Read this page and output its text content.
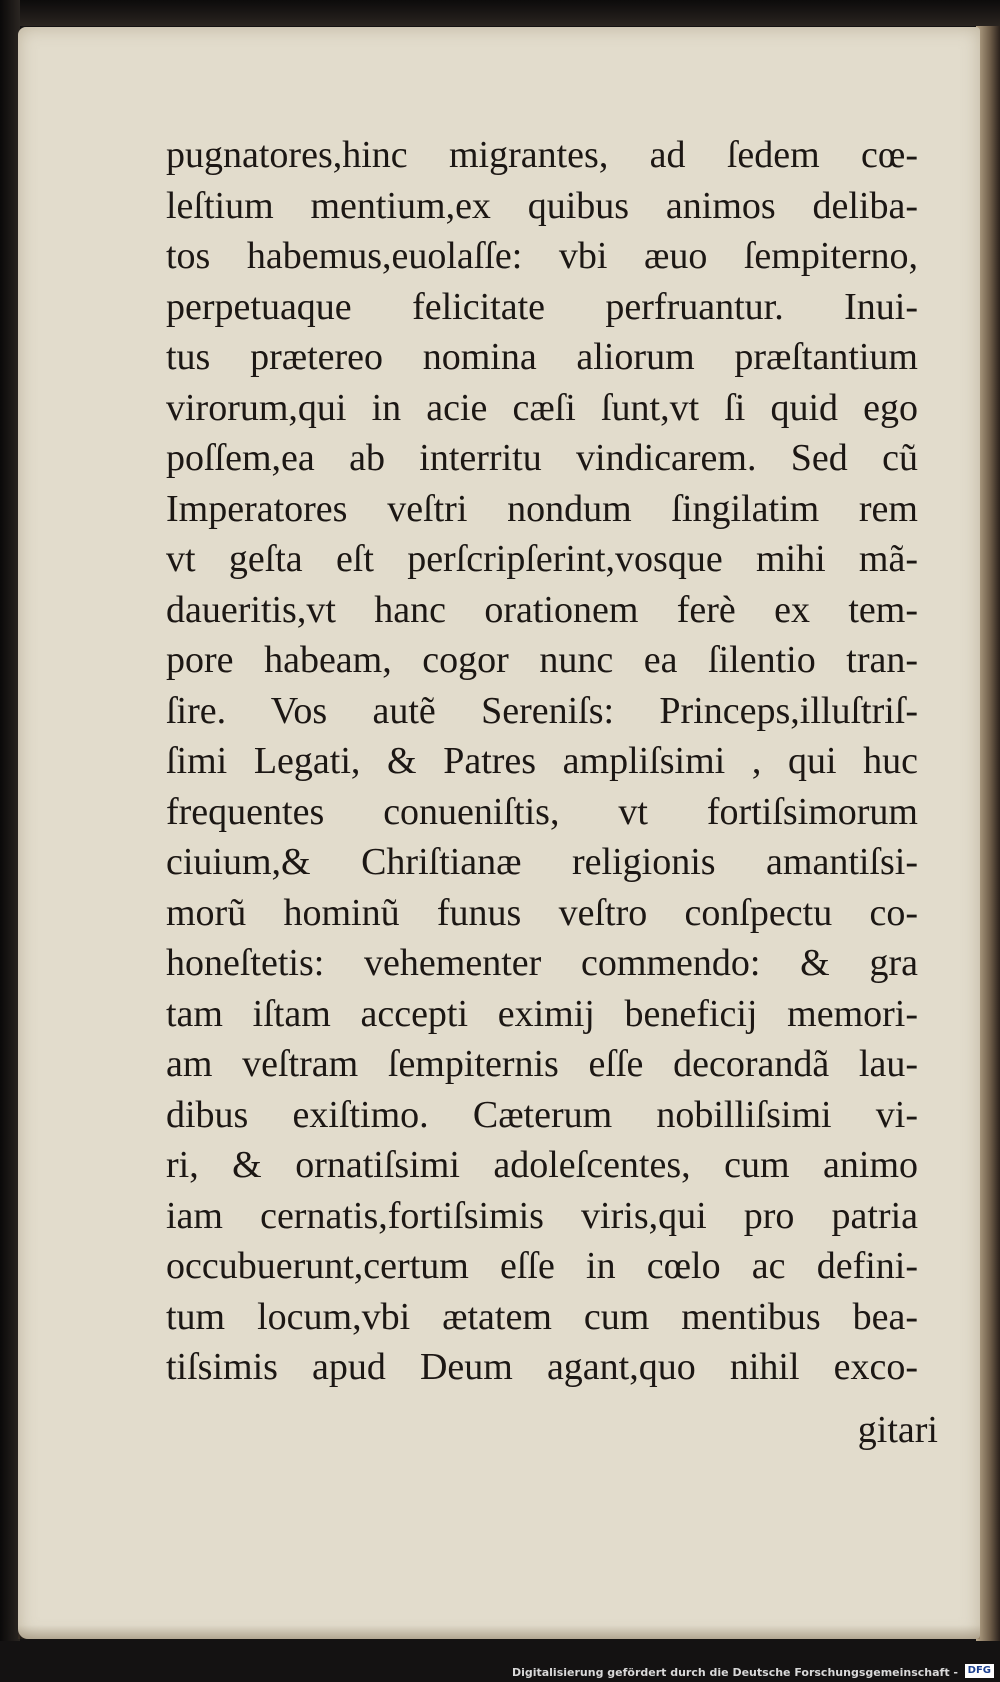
pugnatores,hinc migrantes, ad ſedem cœ-
leſtium mentium,ex quibus animos deliba-
tos habemus,euolaſſe: vbi æuo ſempiterno,
perpetuaque felicitate perfruantur. Inui-
tus prætereo nomina aliorum præſtantium
virorum,qui in acie cæſi ſunt,vt ſi quid ego
poſſem,ea ab interritu vindicarem. Sed cũ
Imperatores veſtri nondum ſingilatim rem
vt geſta eſt perſcripſerint,vosque mihi mã-
daueritis,vt hanc orationem ferè ex tem-
pore habeam, cogor nunc ea ſilentio tran-
ſire. Vos autẽ Sereniſs: Princeps,illuſtriſ-
ſimi Legati, & Patres ampliſsimi , qui huc
frequentes conueniſtis, vt fortiſsimorum
ciuium,& Chriſtianæ religionis amantiſsi-
morũ hominũ funus veſtro conſpectu co-
honeſtetis: vehementer commendo: & gra
tam iſtam accepti eximij beneficij memori-
am veſtram ſempiternis eſſe decorandã lau-
dibus exiſtimo. Cæterum nobilliſsimi vi-
ri, & ornatiſsimi adoleſcentes, cum animo
iam cernatis,fortiſsimis viris,qui pro patria
occubuerunt,certum eſſe in cœlo ac defini-
tum locum,vbi ætatem cum mentibus bea-
tiſsimis apud Deum agant,quo nihil exco-
gitari
Digitalisierung gefördert durch die Deutsche Forschungsgemeinschaft - DFG
